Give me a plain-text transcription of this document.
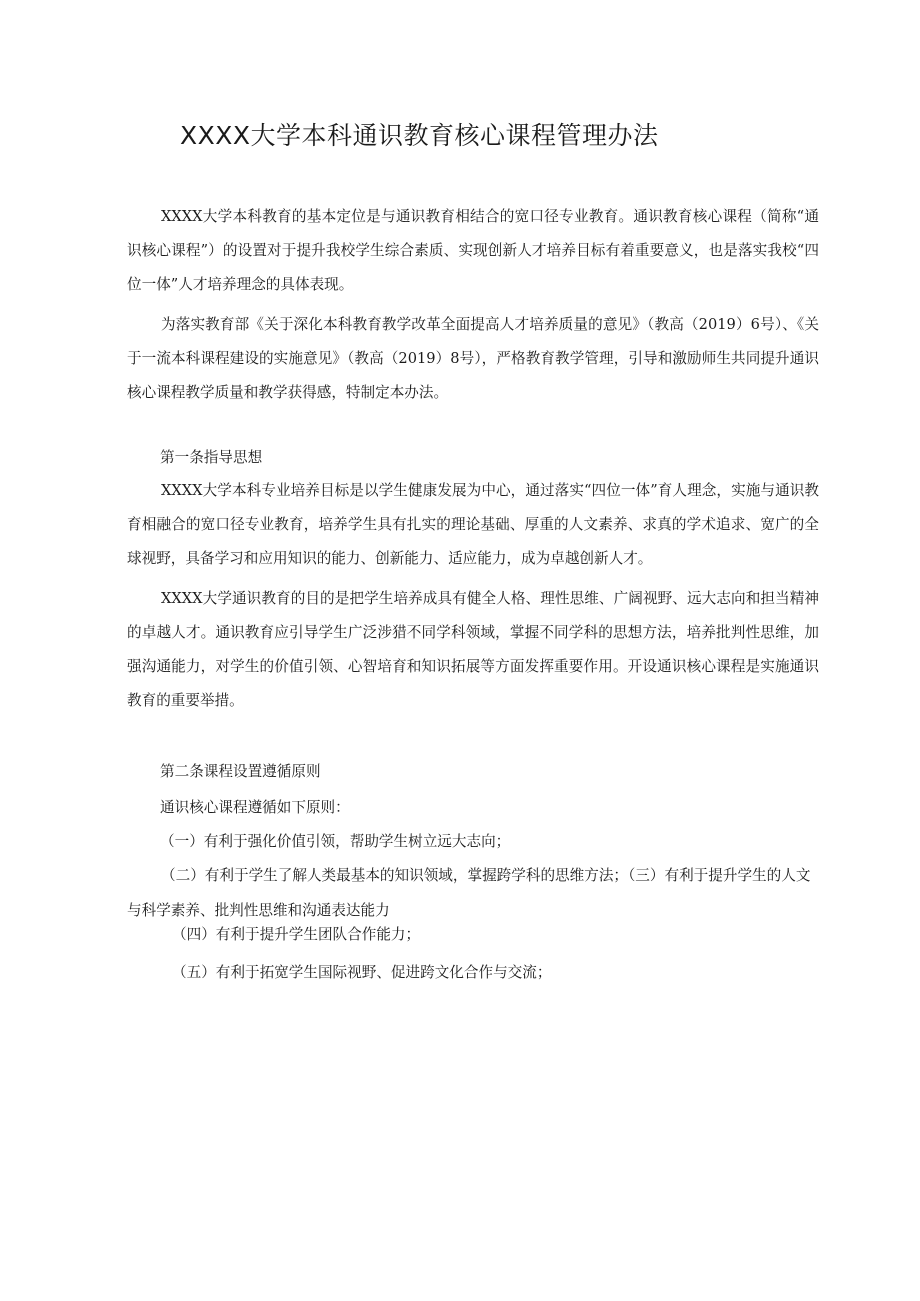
XXXX大学本科通识教育核心课程管理办法

XXXX大学本科教育的基本定位是与通识教育相结合的宽口径专业教育。通识教育核心课程（简称“通识核心课程”）的设置对于提升我校学生综合素质、实现创新人才培养目标有着重要意义，也是落实我校“四位一体”人才培养理念的具体表现。

为落实教育部《关于深化本科教育教学改革全面提高人才培养质量的意见》（教高（2019）6号）、《关于一流本科课程建设的实施意见》（教高（2019）8号），严格教育教学管理，引导和激励师生共同提升通识核心课程教学质量和教学获得感，特制定本办法。

第一条指导思想

XXXX大学本科专业培养目标是以学生健康发展为中心，通过落实“四位一体”育人理念，实施与通识教育相融合的宽口径专业教育，培养学生具有扎实的理论基础、厚重的人文素养、求真的学术追求、宽广的全球视野，具备学习和应用知识的能力、创新能力、适应能力，成为卓越创新人才。

XXXX大学通识教育的目的是把学生培养成具有健全人格、理性思维、广阔视野、远大志向和担当精神的卓越人才。通识教育应引导学生广泛涉猎不同学科领域，掌握不同学科的思想方法，培养批判性思维，加强沟通能力，对学生的价值引领、心智培育和知识拓展等方面发挥重要作用。开设通识核心课程是实施通识教育的重要举措。

第二条课程设置遵循原则
通识核心课程遵循如下原则：
（一）有利于强化价值引领，帮助学生树立远大志向；

（二）有利于学生了解人类最基本的知识领域，掌握跨学科的思维方法；（三）有利于提升学生的人文与科学素养、批判性思维和沟通表达能力

（四）有利于提升学生团队合作能力；
（五）有利于拓宽学生国际视野、促进跨文化合作与交流；
